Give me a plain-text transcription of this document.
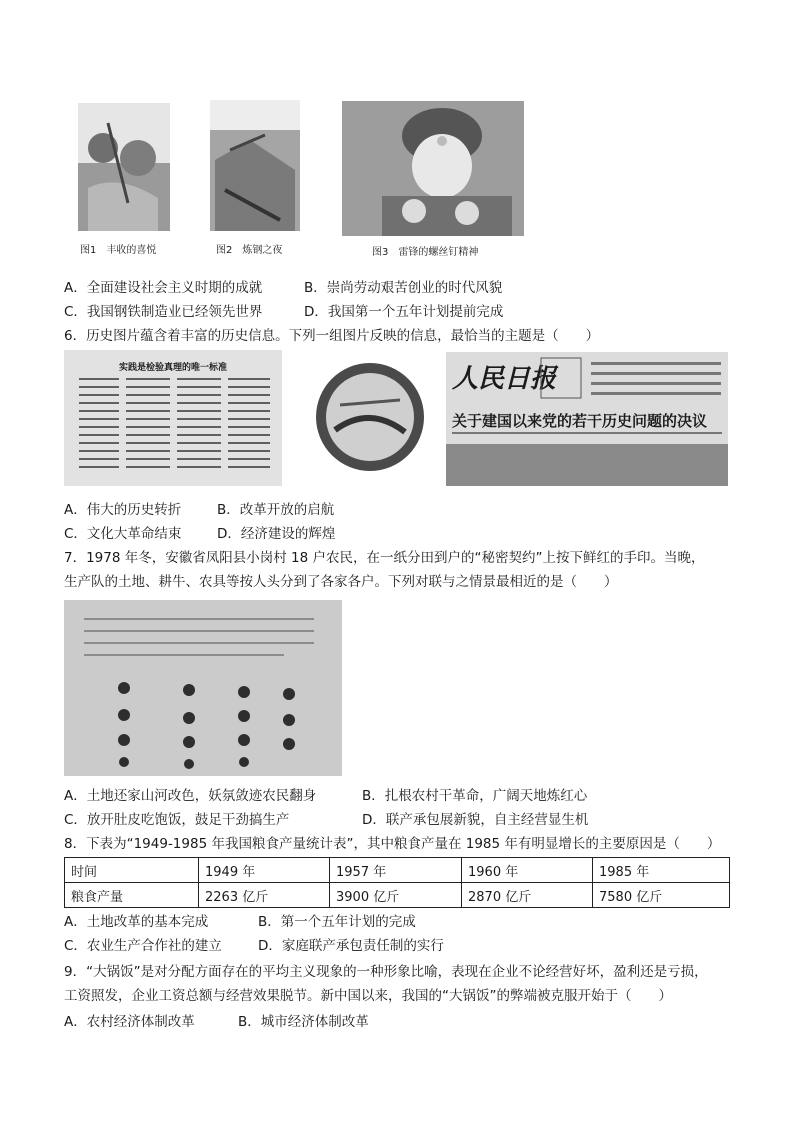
图1　丰收的喜悦	图2　炼钢之夜	图3　雷锋的螺丝钉精神
A．全面建设社会主义时期的成就	B．崇尚劳动艰苦创业的时代风貌
C．我国钢铁制造业已经领先世界	D．我国第一个五年计划提前完成
6．历史图片蕴含着丰富的历史信息。下列一组图片反映的信息，最恰当的主题是（　　）
实践是检验真理的唯一标准	人民日报
关于建国以来党的若干历史问题的决议
A．伟大的历史转折	B．改革开放的启航
C．文化大革命结束	D．经济建设的辉煌
7．1978 年冬，安徽省凤阳县小岗村 18 户农民，在一纸分田到户的“秘密契约”上按下鲜红的手印。当晚，
生产队的土地、耕牛、农具等按人头分到了各家各户。下列对联与之情景最相近的是（　　）
A．土地还家山河改色，妖氛敛迹农民翻身	B．扎根农村干革命，广阔天地炼红心
C．放开肚皮吃饱饭，鼓足干劲搞生产	D．联产承包展新貌，自主经营显生机
8．下表为“1949-1985 年我国粮食产量统计表”，其中粮食产量在 1985 年有明显增长的主要原因是（　　）
时间	1949 年	1957 年	1960 年	1985 年
粮食产量	2263 亿斤	3900 亿斤	2870 亿斤	7580 亿斤
A．土地改革的基本完成	B．第一个五年计划的完成
C．农业生产合作社的建立	D．家庭联产承包责任制的实行
9．“大锅饭”是对分配方面存在的平均主义现象的一种形象比喻，表现在企业不论经营好坏，盈利还是亏损，
工资照发，企业工资总额与经营效果脱节。新中国以来，我国的“大锅饭”的弊端被克服开始于（　　）
A．农村经济体制改革	B．城市经济体制改革
